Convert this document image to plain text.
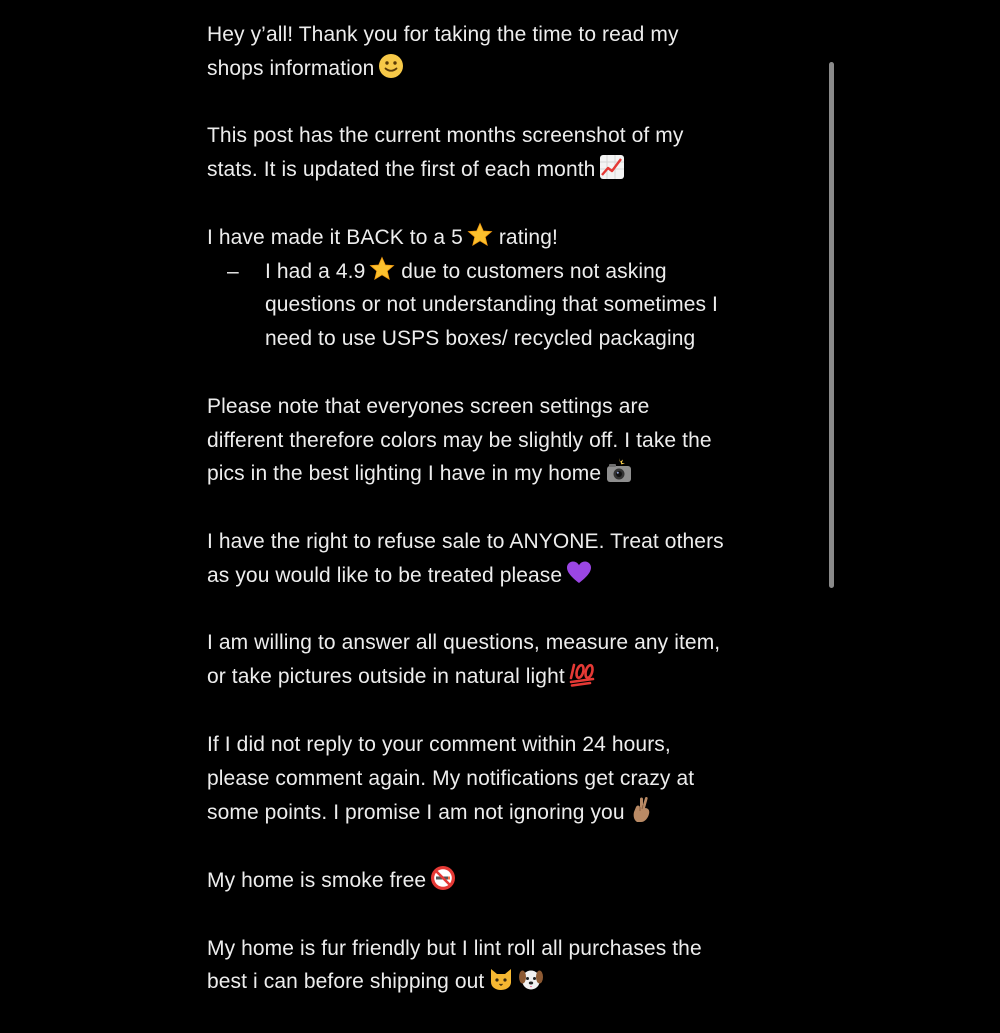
Hey y’all! Thank you for taking the time to read my
shops information

This post has the current months screenshot of my
stats. It is updated the first of each month

I have made it BACK to a 5 rating!

– I had a 4.9 due to customers not asking
questions or not understanding that sometimes I
need to use USPS boxes/ recycled packaging

Please note that everyones screen settings are
different therefore colors may be slightly off. I take the
pics in the best lighting I have in my home

I have the right to refuse sale to ANYONE. Treat others
as you would like to be treated please

I am willing to answer all questions, measure any item,
or take pictures outside in natural light

If I did not reply to your comment within 24 hours,
please comment again. My notifications get crazy at
some points. I promise I am not ignoring you

My home is smoke free

My home is fur friendly but I lint roll all purchases the
best i can before shipping out
